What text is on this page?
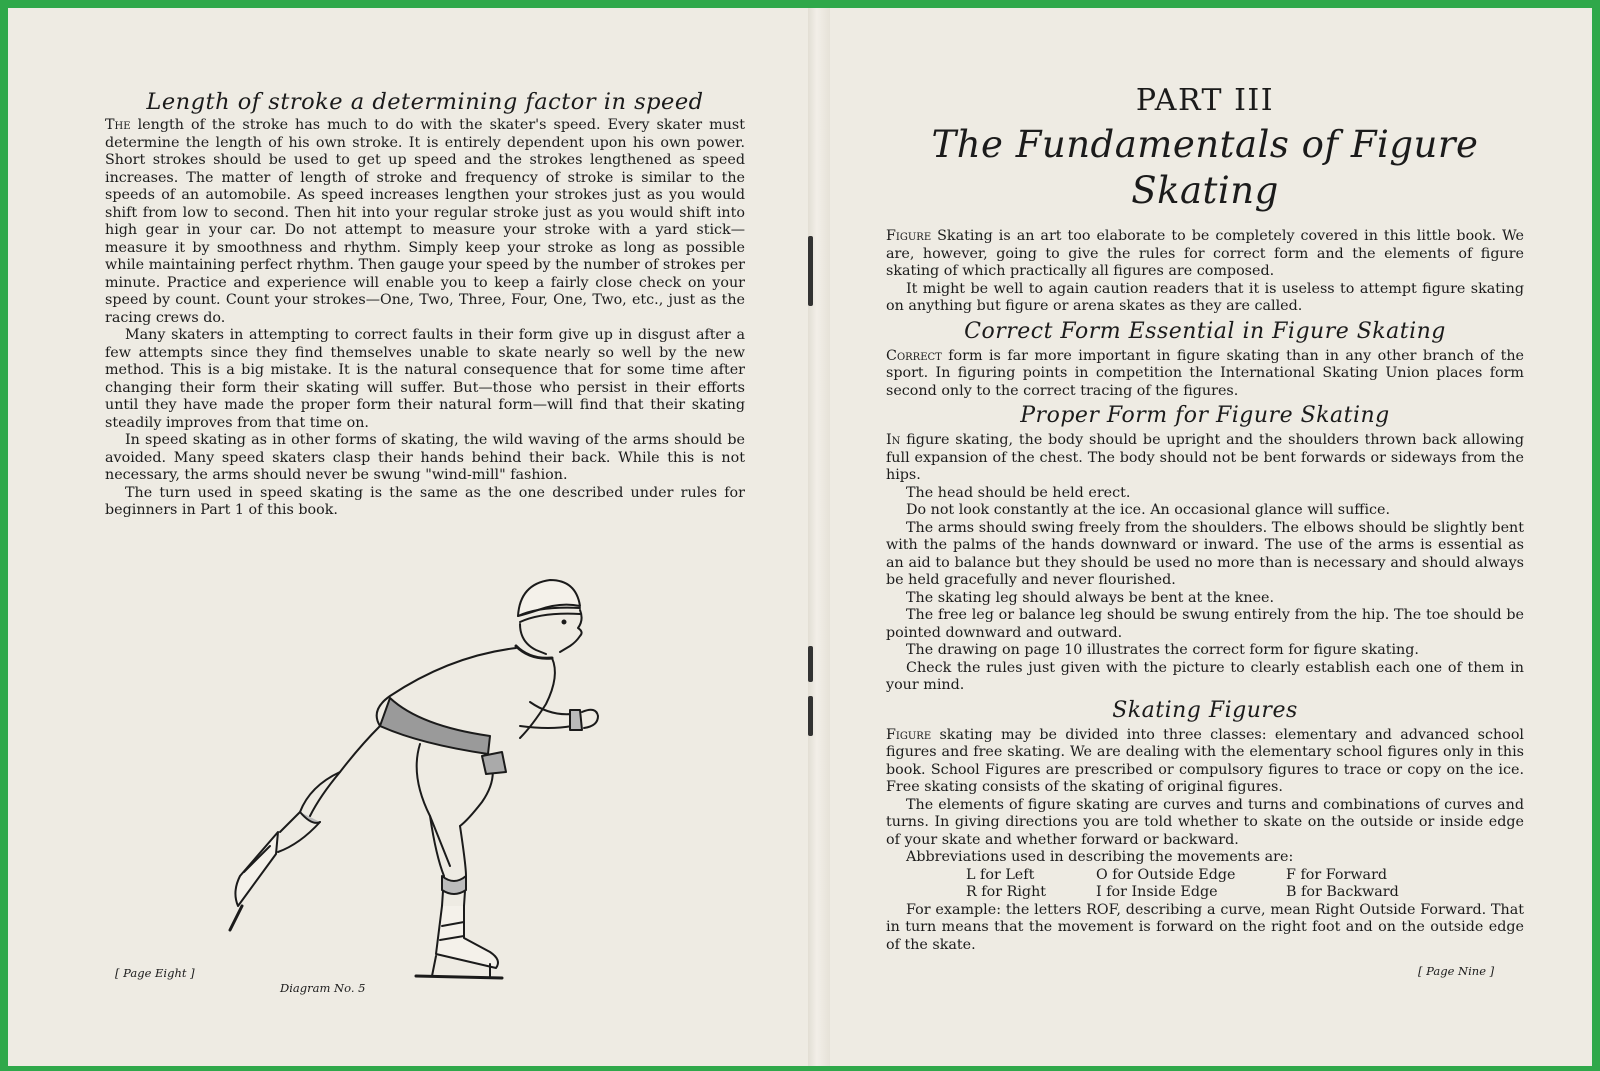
Length of stroke a determining factor in speed

The length of the stroke has much to do with the skater's speed. Every skater must determine the length of his own stroke. It is entirely dependent upon his own power. Short strokes should be used to get up speed and the strokes lengthened as speed increases. The matter of length of stroke and frequency of stroke is similar to the speeds of an automobile. As speed increases lengthen your strokes just as you would shift from low to second. Then hit into your regular stroke just as you would shift into high gear in your car. Do not attempt to measure your stroke with a yard stick—measure it by smoothness and rhythm. Simply keep your stroke as long as possible while maintaining perfect rhythm. Then gauge your speed by the number of strokes per minute. Practice and experience will enable you to keep a fairly close check on your speed by count. Count your strokes—One, Two, Three, Four, One, Two, etc., just as the racing crews do.

Many skaters in attempting to correct faults in their form give up in disgust after a few attempts since they find themselves unable to skate nearly so well by the new method. This is a big mistake. It is the natural consequence that for some time after changing their form their skating will suffer. But—those who persist in their efforts until they have made the proper form their natural form—will find that their skating steadily improves from that time on.

In speed skating as in other forms of skating, the wild waving of the arms should be avoided. Many speed skaters clasp their hands behind their back. While this is not necessary, the arms should never be swung "wind-mill" fashion.

The turn used in speed skating is the same as the one described under rules for beginners in Part 1 of this book.

[ Page Eight ]
Diagram No. 5
PART III
The Fundamentals of Figure Skating

Figure Skating is an art too elaborate to be completely covered in this little book. We are, however, going to give the rules for correct form and the elements of figure skating of which practically all figures are composed.

It might be well to again caution readers that it is useless to attempt figure skating on anything but figure or arena skates as they are called.

Correct Form Essential in Figure Skating

Correct form is far more important in figure skating than in any other branch of the sport. In figuring points in competition the International Skating Union places form second only to the correct tracing of the figures.

Proper Form for Figure Skating

In figure skating, the body should be upright and the shoulders thrown back allowing full expansion of the chest. The body should not be bent forwards or sideways from the hips.

The head should be held erect.

Do not look constantly at the ice. An occasional glance will suffice.

The arms should swing freely from the shoulders. The elbows should be slightly bent with the palms of the hands downward or inward. The use of the arms is essential as an aid to balance but they should be used no more than is necessary and should always be held gracefully and never flourished.

The skating leg should always be bent at the knee.

The free leg or balance leg should be swung entirely from the hip. The toe should be pointed downward and outward.

The drawing on page 10 illustrates the correct form for figure skating.

Check the rules just given with the picture to clearly establish each one of them in your mind.

Skating Figures

Figure skating may be divided into three classes: elementary and advanced school figures and free skating. We are dealing with the elementary school figures only in this book. School Figures are prescribed or compulsory figures to trace or copy on the ice. Free skating consists of the skating of original figures.

The elements of figure skating are curves and turns and combinations of curves and turns. In giving directions you are told whether to skate on the outside or inside edge of your skate and whether forward or backward.

Abbreviations used in describing the movements are:

L for Left	O for Outside Edge	F for Forward
R for Right	I for Inside Edge	B for Backward

For example: the letters ROF, describing a curve, mean Right Outside Forward. That in turn means that the movement is forward on the right foot and on the outside edge of the skate.

[ Page Nine ]
